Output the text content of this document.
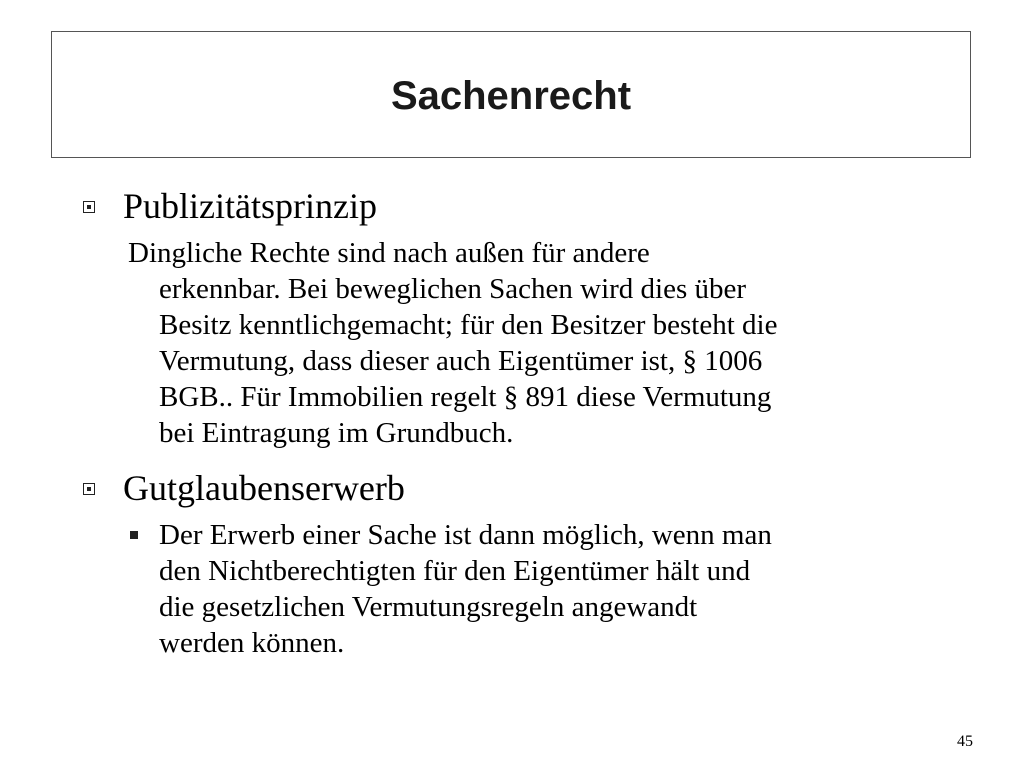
Sachenrecht
Publizitätsprinzip
Dingliche Rechte sind nach außen für andere
erkennbar. Bei beweglichen Sachen wird dies über
Besitz kenntlichgemacht; für den Besitzer besteht die
Vermutung, dass dieser auch Eigentümer ist, § 1006
BGB.. Für Immobilien regelt § 891 diese Vermutung
bei Eintragung im Grundbuch.
Gutglaubenserwerb
Der Erwerb einer Sache ist dann möglich, wenn man
den Nichtberechtigten für den Eigentümer hält und
die gesetzlichen Vermutungsregeln angewandt
werden können.
45
